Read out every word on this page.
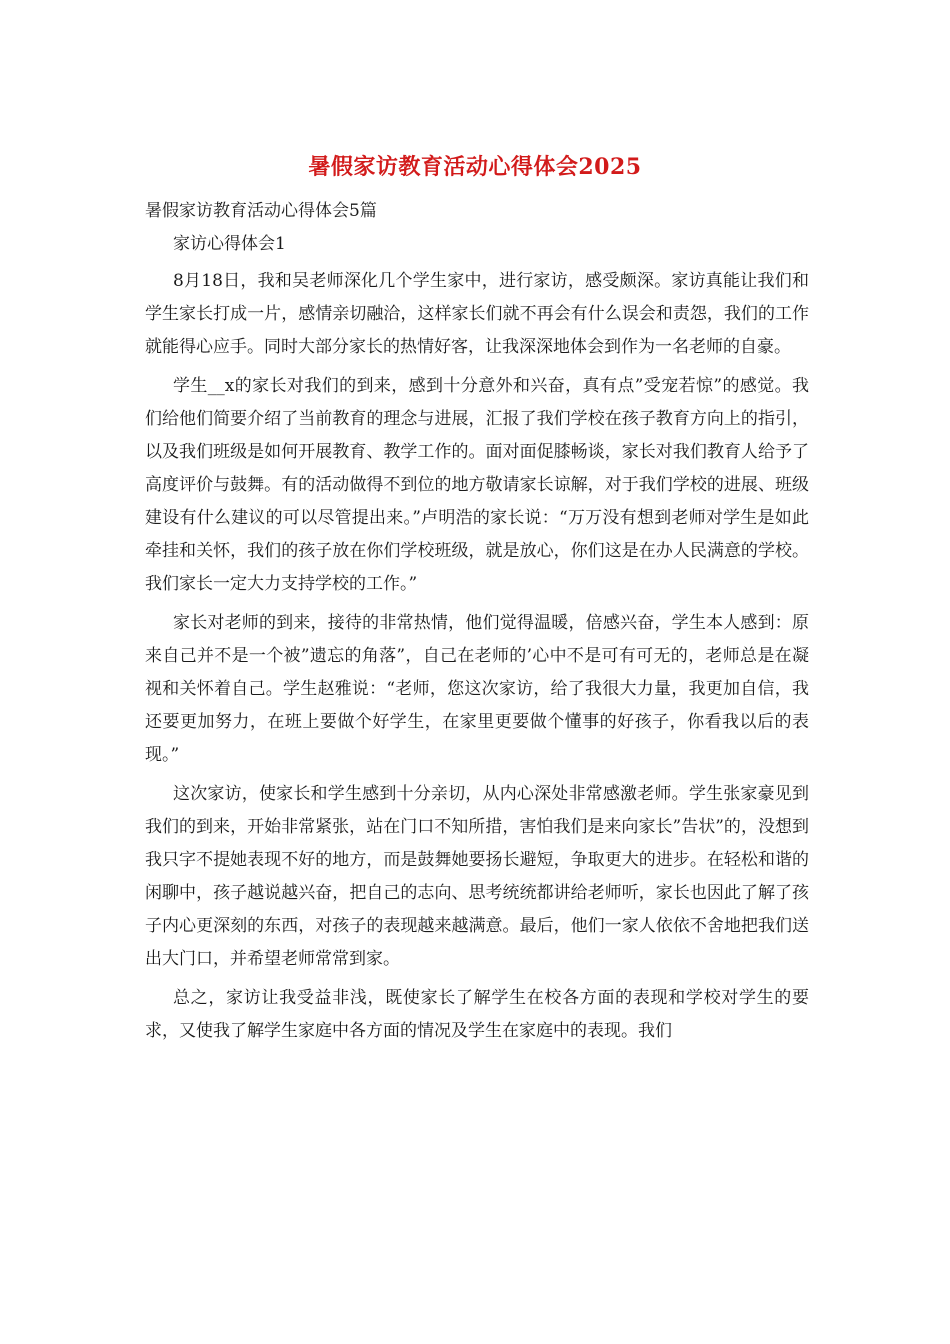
暑假家访教育活动心得体会2025

暑假家访教育活动心得体会5篇

家访心得体会1

8月18日，我和吴老师深化几个学生家中，进行家访，感受颇深。家访真能让我们和学生家长打成一片，感情亲切融洽，这样家长们就不再会有什么误会和责怨，我们的工作就能得心应手。同时大部分家长的热情好客，让我深深地体会到作为一名老师的自豪。

学生__x的家长对我们的到来，感到十分意外和兴奋，真有点”受宠若惊”的感觉。我们给他们简要介绍了当前教育的理念与进展，汇报了我们学校在孩子教育方向上的指引，以及我们班级是如何开展教育、教学工作的。面对面促膝畅谈，家长对我们教育人给予了高度评价与鼓舞。有的活动做得不到位的地方敬请家长谅解，对于我们学校的进展、班级建设有什么建议的可以尽管提出来。”卢明浩的家长说：“万万没有想到老师对学生是如此牵挂和关怀，我们的孩子放在你们学校班级，就是放心，你们这是在办人民满意的学校。我们家长一定大力支持学校的工作。”

家长对老师的到来，接待的非常热情，他们觉得温暖，倍感兴奋，学生本人感到：原来自己并不是一个被”遗忘的角落”，自己在老师的’心中不是可有可无的，老师总是在凝视和关怀着自己。学生赵雅说：“老师，您这次家访，给了我很大力量，我更加自信，我还要更加努力，在班上要做个好学生，在家里更要做个懂事的好孩子，你看我以后的表现。”

这次家访，使家长和学生感到十分亲切，从内心深处非常感激老师。学生张家豪见到我们的到来，开始非常紧张，站在门口不知所措，害怕我们是来向家长”告状”的，没想到我只字不提她表现不好的地方，而是鼓舞她要扬长避短，争取更大的进步。在轻松和谐的闲聊中，孩子越说越兴奋，把自己的志向、思考统统都讲给老师听，家长也因此了解了孩子内心更深刻的东西，对孩子的表现越来越满意。最后，他们一家人依依不舍地把我们送出大门口，并希望老师常常到家。

总之，家访让我受益非浅，既使家长了解学生在校各方面的表现和学校对学生的要求，又使我了解学生家庭中各方面的情况及学生在家庭中的表现。我们
